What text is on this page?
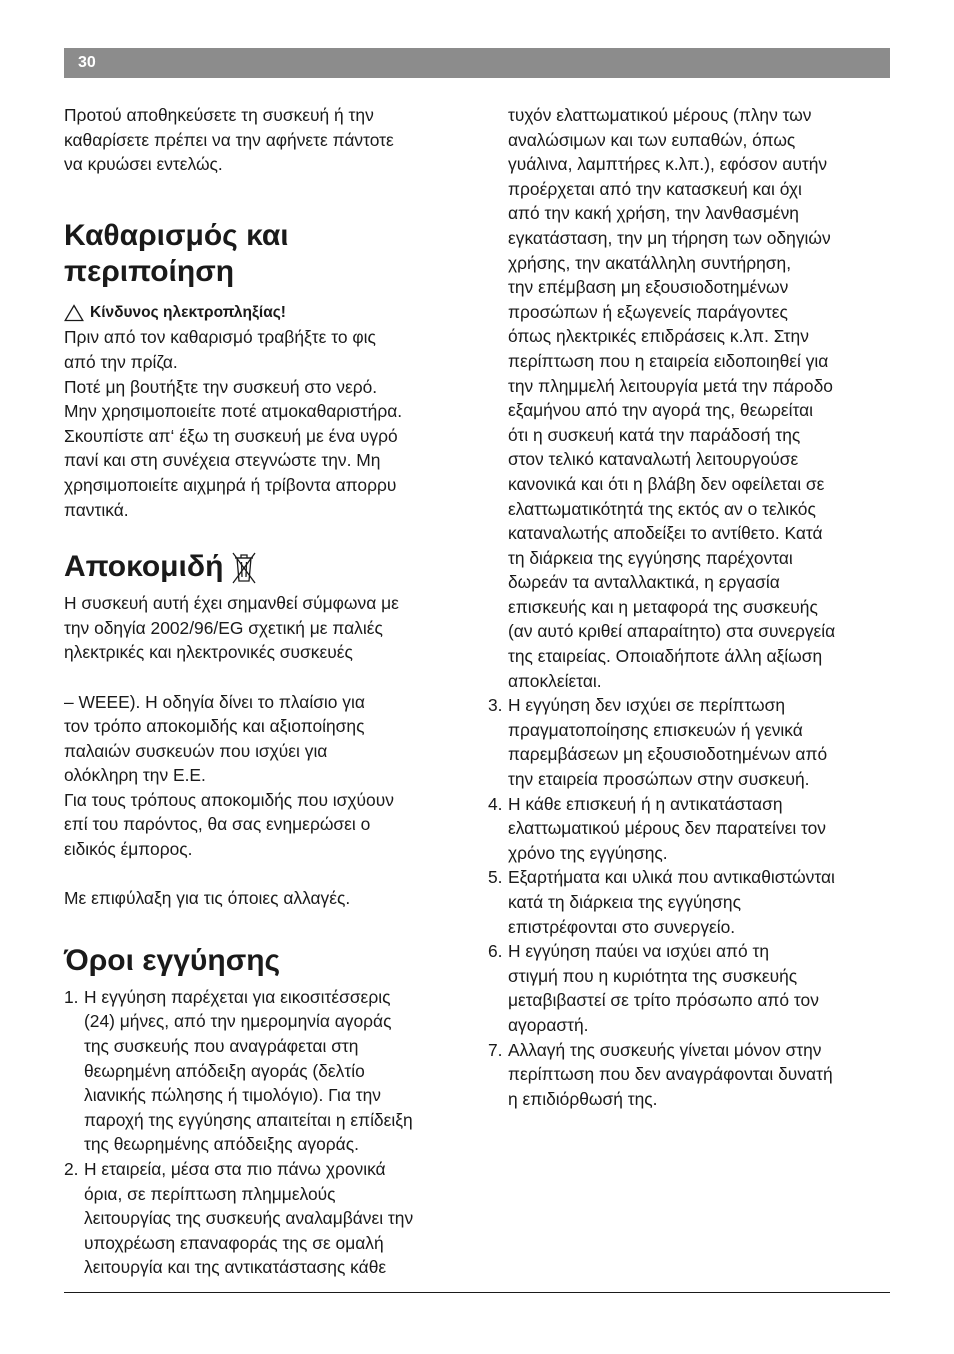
30

Προτού αποθηκεύσετε τη συσκευή ή την
καθαρίσετε πρέπει να την αφήνετε πάντοτε
να κρυώσει εντελώς.

Καθαρισμός και
περιποίηση
Κίνδυνος ηλεκτροπληξίας!

Πριν από τον καθαρισμό τραβήξτε το φις
από την πρίζα.
Ποτέ μη βουτήξτε την συσκευή στο νερό.
Μην χρησιμοποιείτε ποτέ ατμοκαθαριστήρα.
Σκουπίστε απ‘ έξω τη συσκευή με ένα υγρό
πανί και στη συνέχεια στεγνώστε την. Μη
χρησιμοποιείτε αιχμηρά ή τρίβοντα απορρυ
παντικά.

Αποκομιδή

Η συσκευή αυτή έχει σημανθεί σύμφωνα με
την οδηγία 2002/96/EG σχετική με παλιές
ηλεκτρικές και ηλεκτρονικές συσκευές

– WEEE). Η οδηγία δίνει το πλαίσιο για
τον τρόπο αποκομιδής και αξιοποίησης
παλαιών συσκευών που ισχύει για
ολόκληρη την Ε.Ε.
Για τους τρόπους αποκομιδής που ισχύουν
επί του παρόντος, θα σας ενημερώσει ο
ειδικός έμπορος.

Με επιφύλαξη για τις όποιες αλλαγές.

Όροι εγγύησης
1. Η εγγύηση παρέχεται για εικοσιτέσσερις
(24) μήνες, από την ημερομηνία αγοράς
της συσκευής που αναγράφεται στη
θεωρημένη απόδειξη αγοράς (δελτίο
λιανικής πώλησης ή τιμολόγιο). Για την
παροχή της εγγύησης απαιτείται η επίδειξη
της θεωρημένης απόδειξης αγοράς.
2. Η εταιρεία, μέσα στα πιο πάνω χρονικά
όρια, σε περίπτωση πλημμελούς
λειτουργίας της συσκευής αναλαμβάνει την
υποχρέωση επαναφοράς της σε ομαλή
λειτουργία και της αντικατάστασης κάθε

τυχόν ελαττωματικού μέρους (πλην των
αναλώσιμων και των ευπαθών, όπως
γυάλινα, λαμπτήρες κ.λπ.), εφόσον αυτήν
προέρχεται από την κατασκευή και όχι
από την κακή χρήση, την λανθασμένη
εγκατάσταση, την μη τήρηση των οδηγιών
χρήσης, την ακατάλληλη συντήρηση,
την επέμβαση μη εξουσιοδοτημένων
προσώπων ή εξωγενείς παράγοντες
όπως ηλεκτρικές επιδράσεις κ.λπ. Στην
περίπτωση που η εταιρεία ειδοποιηθεί για
την πλημμελή λειτουργία μετά την πάροδο
εξαμήνου από την αγορά της, θεωρείται
ότι η συσκευή κατά την παράδοσή της
στον τελικό καταναλωτή λειτουργούσε
κανονικά και ότι η βλάβη δεν οφείλεται σε
ελαττωματικότητά της εκτός αν ο τελικός
καταναλωτής αποδείξει το αντίθετο. Κατά
τη διάρκεια της εγγύησης παρέχονται
δωρεάν τα ανταλλακτικά, η εργασία
επισκευής και η μεταφορά της συσκευής
(αν αυτό κριθεί απαραίτητο) στα συνεργεία
της εταιρείας. Οποιαδήποτε άλλη αξίωση
αποκλείεται.

3. Η εγγύηση δεν ισχύει σε περίπτωση
πραγματοποίησης επισκευών ή γενικά
παρεμβάσεων μη εξουσιοδοτημένων από
την εταιρεία προσώπων στην συσκευή.
4. Η κάθε επισκευή ή η αντικατάσταση
ελαττωματικού μέρους δεν παρατείνει τον
χρόνο της εγγύησης.
5. Εξαρτήματα και υλικά που αντικαθιστώνται
κατά τη διάρκεια της εγγύησης
επιστρέφονται στο συνεργείο.
6. Η εγγύηση παύει να ισχύει από τη
στιγμή που η κυριότητα της συσκευής
μεταβιβαστεί σε τρίτο πρόσωπο από τον
αγοραστή.
7. Αλλαγή της συσκευής γίνεται μόνον στην
περίπτωση που δεν αναγράφονται δυνατή
η επιδιόρθωσή της.
